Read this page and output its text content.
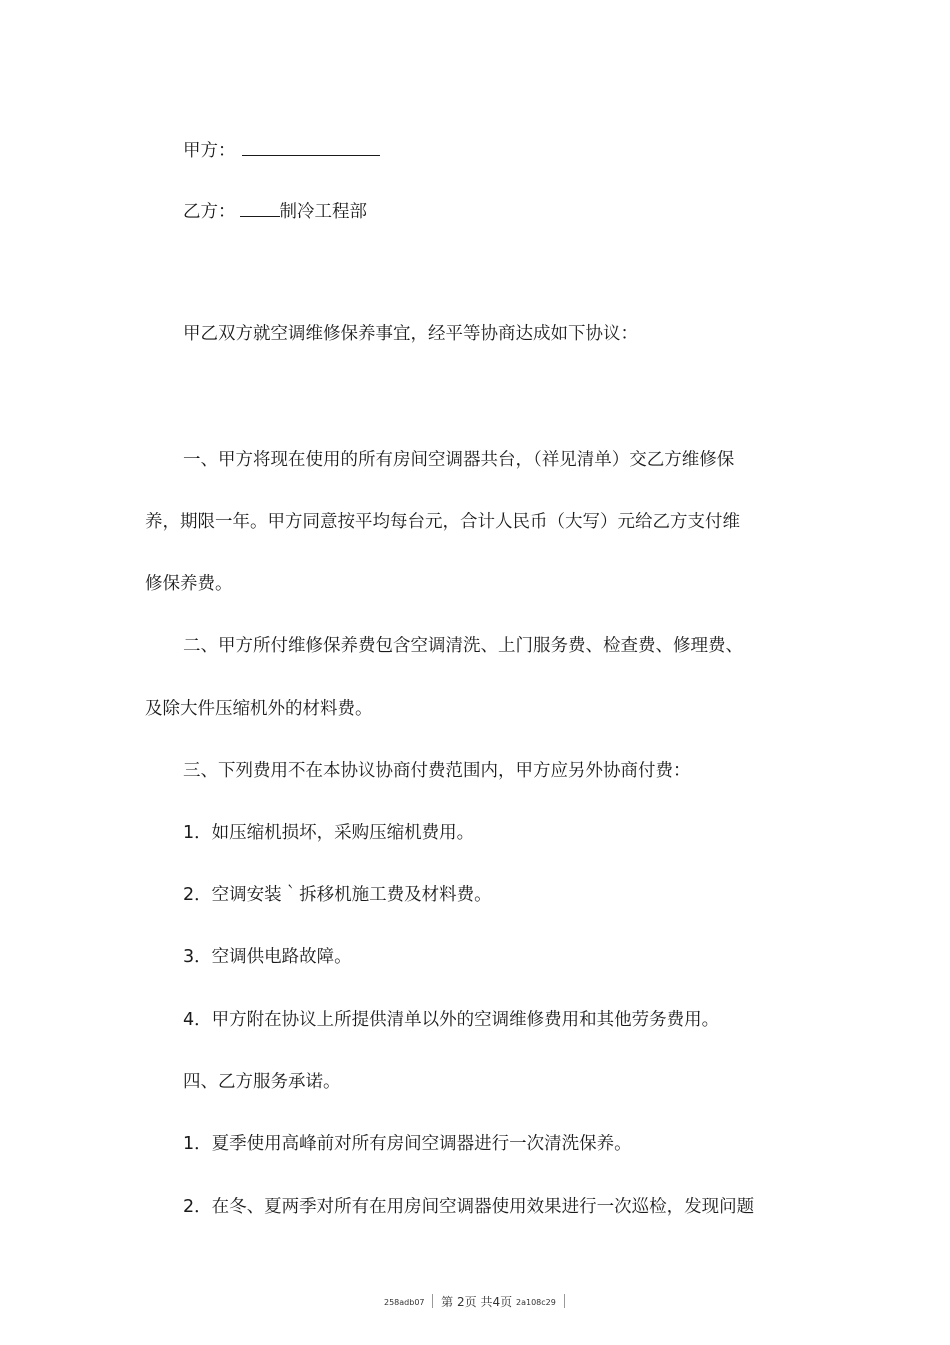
甲方：
乙方：	制冷工程部
甲乙双方就空调维修保养事宜，经平等协商达成如下协议：
一、甲方将现在使用的所有房间空调器共台，（祥见清单）交乙方维修保
养，期限一年。甲方同意按平均每台元，合计人民币（大写）元给乙方支付维
修保养费。
二、甲方所付维修保养费包含空调清洗、上门服务费、检查费、修理费、
及除大件压缩机外的材料费。
三、下列费用不在本协议协商付费范围内，甲方应另外协商付费：
1．如压缩机损坏，采购压缩机费用。
2．空调安装｀拆移机施工费及材料费。
3．空调供电路故障。
4．甲方附在协议上所提供清单以外的空调维修费用和其他劳务费用。
四、乙方服务承诺。
1．夏季使用高峰前对所有房间空调器进行一次清洗保养。
2．在冬、夏两季对所有在用房间空调器使用效果进行一次巡检，发现问题
258adb07 第 2页 共4页 2a108c29
